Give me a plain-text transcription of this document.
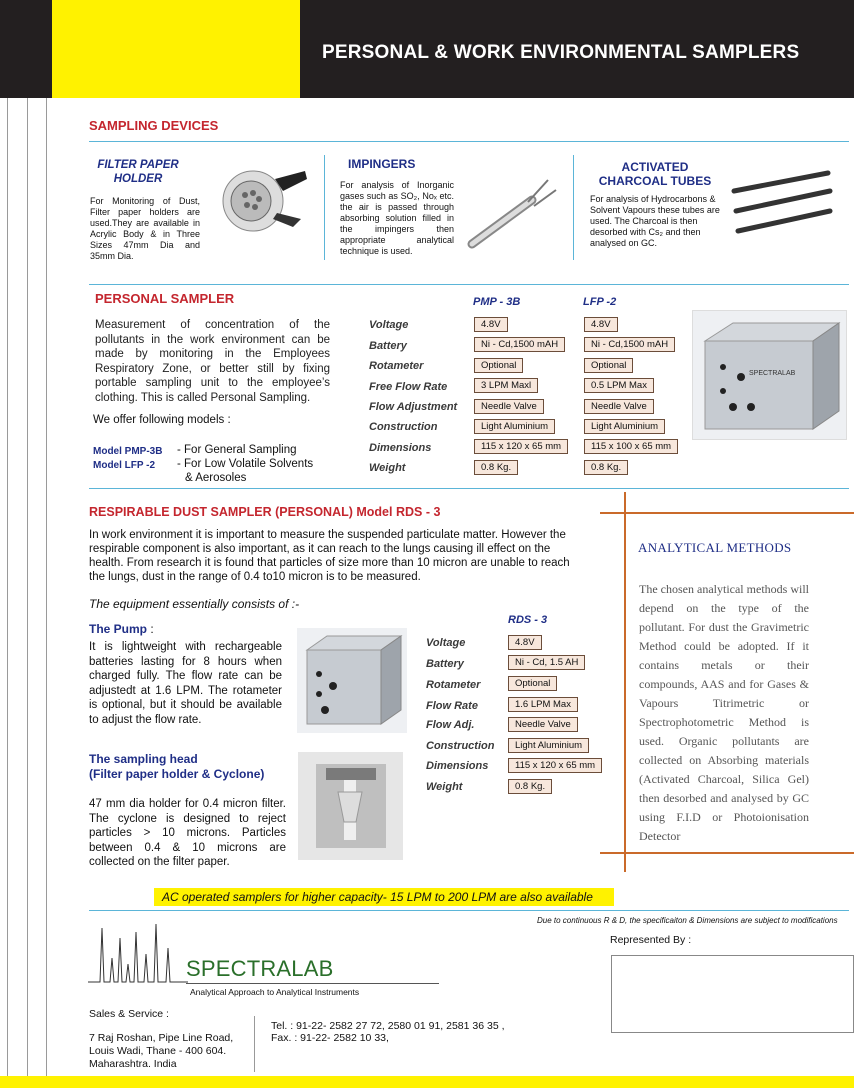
PERSONAL & WORK ENVIRONMENTAL SAMPLERS
SAMPLING DEVICES
FILTER PAPER
HOLDER
For Monitoring of Dust, Filter paper holders are used.They are available in Acrylic Body & in Three Sizes 47mm Dia and 35mm Dia.
IMPINGERS
For analysis of Inorganic gases such as SO₂, Noₓ etc. the air is passed through absorbing solution filled in the impingers then appropriate analytical technique is used.
ACTIVATED
CHARCOAL TUBES
For analysis of Hydrocarbons & Solvent Vapours these tubes are used. The Charcoal is then desorbed with Cs₂ and then analysed on GC.
PERSONAL SAMPLER
Measurement of concentration of the pollutants in the work environment can be made by monitoring in the Employees Respiratory Zone, or better still by fixing portable sampling unit to the employee’s clothing. This is called Personal Sampling.
We offer following models :
Model PMP-3B - For General Sampling
Model LFP -2 - For Low Volatile Solvents
& Aerosoles
PMP - 3B	LFP -2
Voltage
Battery
Rotameter
Free Flow Rate
Flow Adjustment
Construction
Dimensions
Weight
4.8V
Ni - Cd,1500 mAH
Optional
3 LPM Maxl
Needle Valve
Light Aluminium
115 x 120 x 65 mm
0.8 Kg.
4.8V
Ni - Cd,1500 mAH
Optional
0.5 LPM Max
Needle Valve
Light Aluminium
115 x 100 x 65 mm
0.8 Kg.
SPECTRALAB
RESPIRABLE DUST SAMPLER (PERSONAL) Model RDS - 3
In work environment it is important to measure the suspended particulate matter. However the respirable component is also important, as it can reach to the lungs causing ill effect on the health. From research it is found that particles of size more than 10 micron are unable to reach the lungs, dust in the range of 0.4 to10 micron is to be measured.
The equipment essentially consists of :-
The Pump :
It is lightweight with rechargeable batteries lasting for 8 hours when charged fully. The flow rate can be adjustedt at 1.6 LPM. The rotameter is optional, but it should be available to adjust the flow rate.
The sampling head
(Filter paper holder & Cyclone)
47 mm dia holder for 0.4 micron filter. The cyclone is designed to reject particles > 10 microns. Particles between 0.4 & 10 microns are collected on the filter paper.
RDS - 3
Voltage
Battery
Rotameter
Flow Rate
Flow Adj.
Construction
Dimensions
Weight
4.8V
Ni - Cd, 1.5 AH
Optional
1.6 LPM Max
Needle Valve
Light Aluminium
115 x 120 x 65 mm
0.8 Kg.
ANALYTICAL METHODS
The chosen analytical methods will depend on the type of the pollutant. For dust the Gravimetric Method could be adopted. If it contains metals or their compounds, AAS and for Gases & Vapours Titrimetric or Spectrophotometric Method is used. Organic pollutants are collected on Absorbing materials (Activated Charcoal, Silica Gel) then desorbed and analysed by GC using F.I.D or Photoionisation Detector
AC operated samplers for higher capacity- 15 LPM to 200 LPM are also available
Due to continuous R & D, the specificaiton & Dimensions are subject to modifications
Represented By :
SPECTRALAB
Analytical Approach to Analytical Instruments
Sales & Service :
7 Raj Roshan, Pipe Line Road,
Louis Wadi, Thane - 400 604.
Maharashtra. India
Tel. : 91-22- 2582 27 72, 2580 01 91, 2581 36 35 ,
Fax. : 91-22- 2582 10 33,
